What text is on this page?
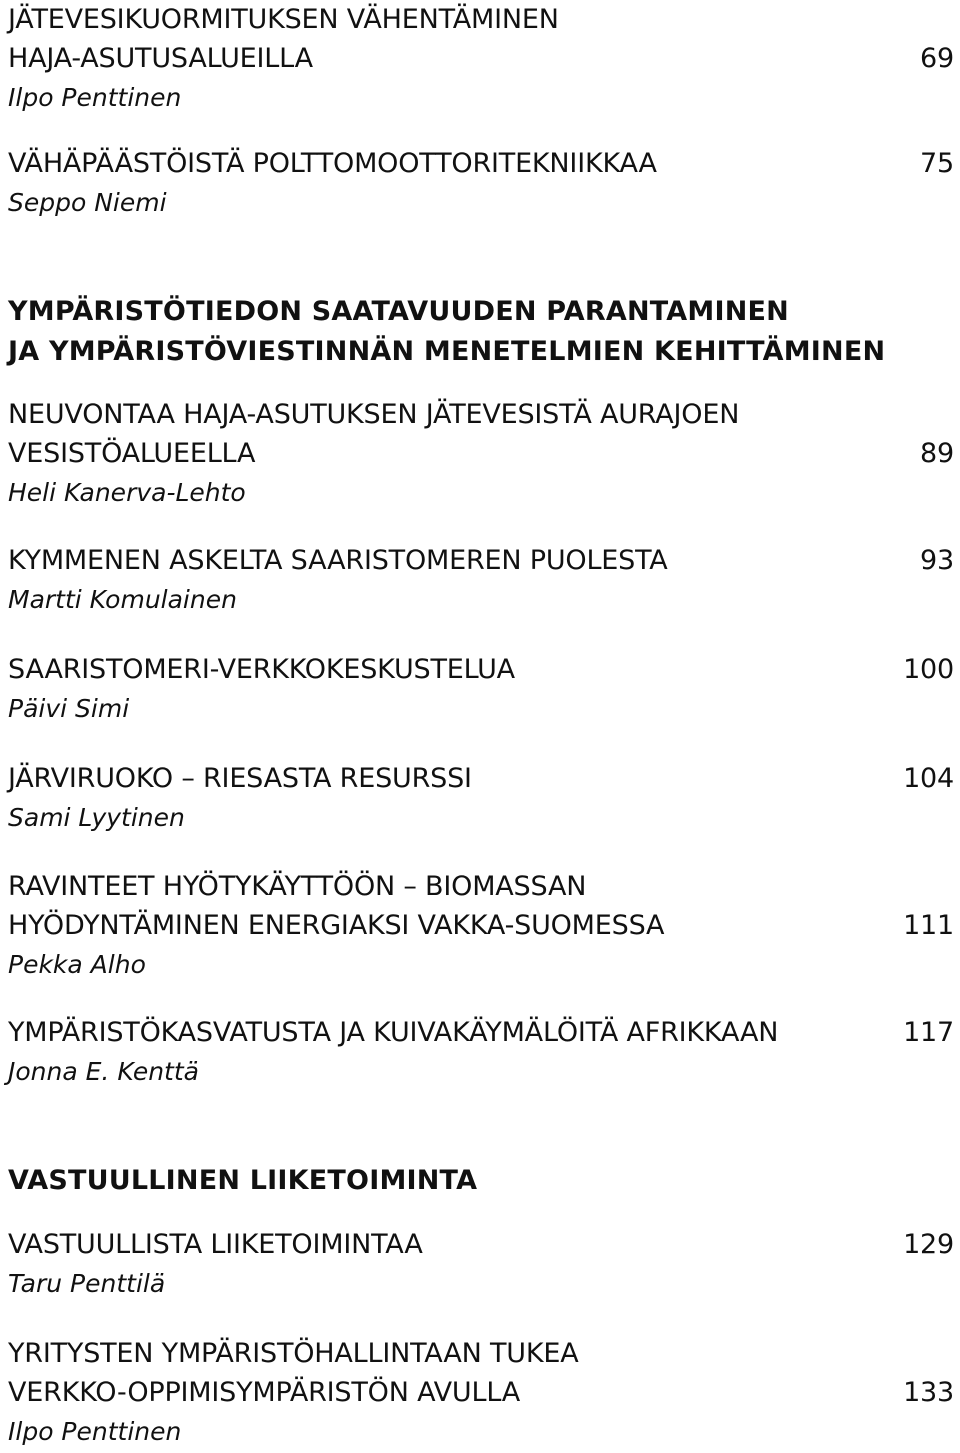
JÄTEVESIKUORMITUKSEN VÄHENTÄMINEN
HAJA-ASUTUSALUEILLA	69
Ilpo Penttinen
VÄHÄPÄÄSTÖISTÄ POLTTOMOOTTORITEKNIIKKAA	75
Seppo Niemi
YMPÄRISTÖTIEDON SAATAVUUDEN PARANTAMINEN
JA YMPÄRISTÖVIESTINNÄN MENETELMIEN KEHITTÄMINEN
NEUVONTAA HAJA-ASUTUKSEN JÄTEVESISTÄ AURAJOEN
VESISTÖALUEELLA	89
Heli Kanerva-Lehto
KYMMENEN ASKELTA SAARISTOMEREN PUOLESTA	93
Martti Komulainen
SAARISTOMERI-VERKKOKESKUSTELUA	100
Päivi Simi
JÄRVIRUOKO – RIESASTA RESURSSI	104
Sami Lyytinen
RAVINTEET HYÖTYKÄYTTÖÖN – BIOMASSAN
HYÖDYNTÄMINEN ENERGIAKSI VAKKA-SUOMESSA	111
Pekka Alho
YMPÄRISTÖKASVATUSTA JA KUIVAKÄYMÄLÖITÄ AFRIKKAAN	117
Jonna E. Kenttä
VASTUULLINEN LIIKETOIMINTA
VASTUULLISTA LIIKETOIMINTAA	129
Taru Penttilä
YRITYSTEN YMPÄRISTÖHALLINTAAN TUKEA
VERKKO-OPPIMISYMPÄRISTÖN AVULLA	133
Ilpo Penttinen
